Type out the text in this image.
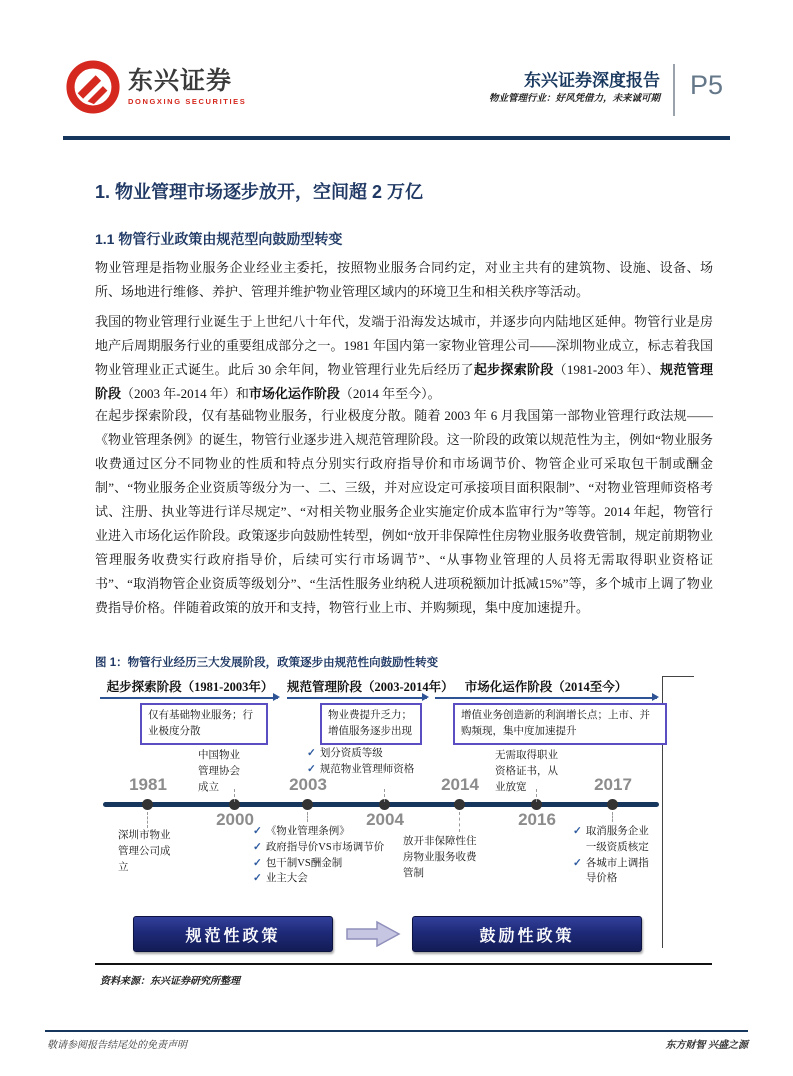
东兴证券
DONGXING SECURITIES
东兴证券深度报告
物业管理行业：好风凭借力，未来诚可期 P5
1. 物业管理市场逐步放开，空间超 2 万亿
1.1 物管行业政策由规范型向鼓励型转变
物业管理是指物业服务企业经业主委托，按照物业服务合同约定，对业主共有的建筑物、设施、设备、场所、场地进行维修、养护、管理并维护物业管理区域内的环境卫生和相关秩序等活动。
我国的物业管理行业诞生于上世纪八十年代，发端于沿海发达城市，并逐步向内陆地区延伸。物管行业是房地产后周期服务行业的重要组成部分之一。1981 年国内第一家物业管理公司——深圳物业成立，标志着我国物业管理业正式诞生。此后 30 余年间，物业管理行业先后经历了起步探索阶段（1981-2003 年）、规范管理阶段（2003 年-2014 年）和市场化运作阶段（2014 年至今）。
在起步探索阶段，仅有基础物业服务，行业极度分散。随着 2003 年 6 月我国第一部物业管理行政法规——《物业管理条例》的诞生，物管行业逐步进入规范管理阶段。这一阶段的政策以规范性为主，例如“物业服务收费通过区分不同物业的性质和特点分别实行政府指导价和市场调节价、物管企业可采取包干制或酬金制”、“物业服务企业资质等级分为一、二、三级，并对应设定可承接项目面积限制”、“对物业管理师资格考试、注册、执业等进行详尽规定”、“对相关物业服务企业实施定价成本监审行为”等等。2014 年起，物管行业进入市场化运作阶段。政策逐步向鼓励性转型，例如“放开非保障性住房物业服务收费管制，规定前期物业管理服务收费实行政府指导价，后续可实行市场调节”、“从事物业管理的人员将无需取得职业资格证书”、“取消物管企业资质等级划分”、“生活性服务业纳税人进项税额加计抵减15%”等，多个城市上调了物业费指导价格。伴随着政策的放开和支持，物管行业上市、并购频现，集中度加速提升。
图 1：物管行业经历三大发展阶段，政策逐步由规范性向鼓励性转变
起步探索阶段（1981-2003年）	规范管理阶段（2003-2014年） 市场化运作阶段（2014至今）
仅有基础物业服务；行业极度分散
物业费提升乏力；增值服务逐步出现
增值业务创造新的利润增长点；上市、并购频现，集中度加速提升
1981
2000
2003
2004
2014
2016
2017
深圳市物业管理公司成立
中国物业管理协会成立
✓ 《物业管理条例》
✓ 政府指导价VS市场调节价
✓ 包干制VS酬金制
✓ 业主大会
✓ 划分资质等级
✓ 规范物业管理师资格
放开非保障性住房物业服务收费管制
无需取得职业资格证书，从业放宽
✓ 取消服务企业一级资质核定
✓ 各城市上调指导价格
规范性政策	鼓励性政策
资料来源：东兴证券研究所整理
敬请参阅报告结尾处的免责声明	东方财智 兴盛之源
